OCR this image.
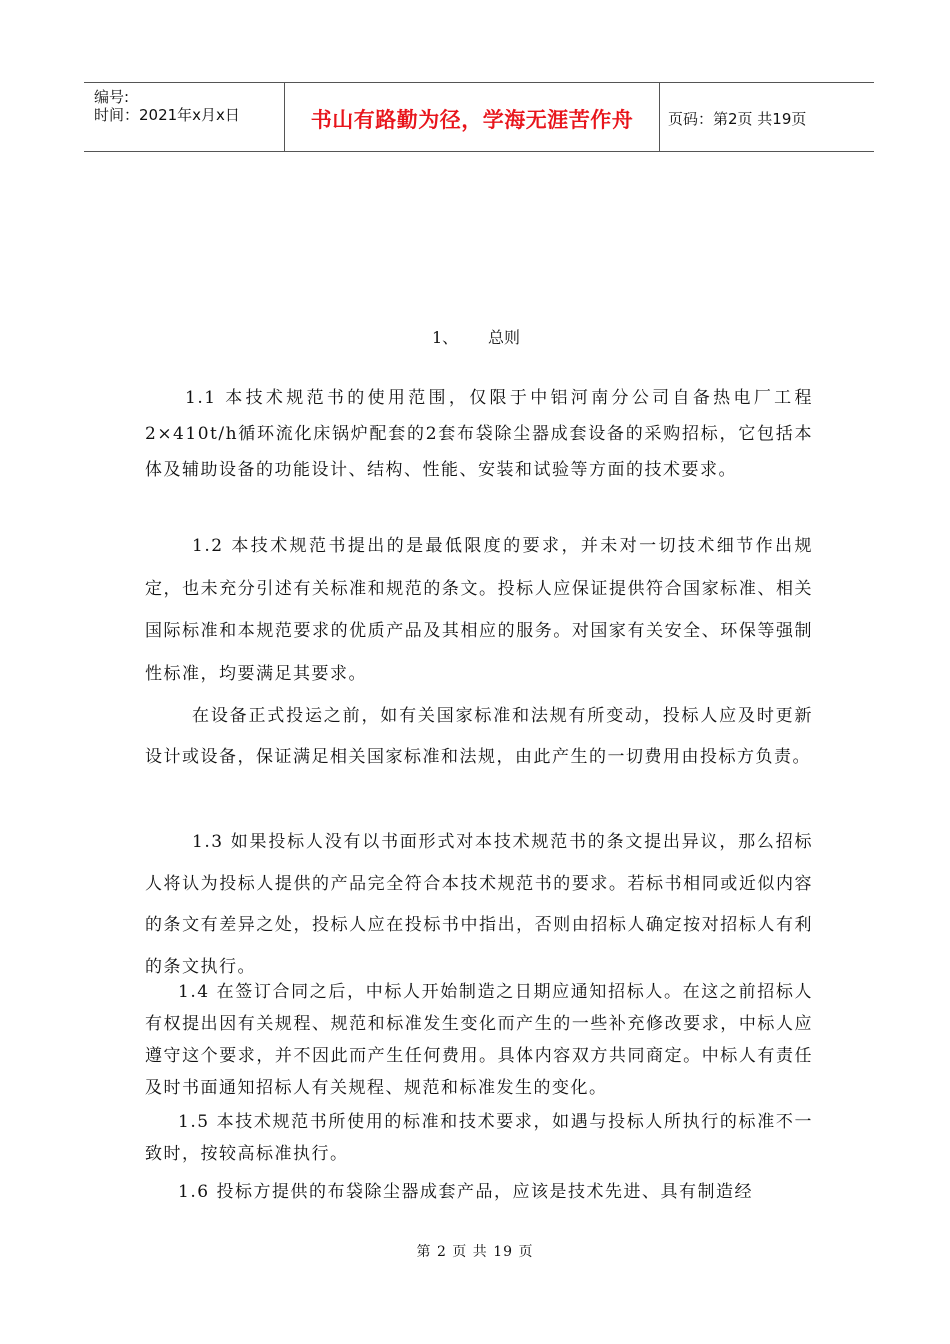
编号:
时间：2021年x月x日	书山有路勤为径，学海无涯苦作舟	页码：第2页 共19页
1、 总则

1.1 本技术规范书的使用范围，仅限于中铝河南分公司自备热电厂工程2×410t/h循环流化床锅炉配套的2套布袋除尘器成套设备的采购招标，它包括本体及辅助设备的功能设计、结构、性能、安装和试验等方面的技术要求。

1.2 本技术规范书提出的是最低限度的要求，并未对一切技术细节作出规定，也未充分引述有关标准和规范的条文。投标人应保证提供符合国家标准、相关国际标准和本规范要求的优质产品及其相应的服务。对国家有关安全、环保等强制性标准，均要满足其要求。

在设备正式投运之前，如有关国家标准和法规有所变动，投标人应及时更新设计或设备，保证满足相关国家标准和法规，由此产生的一切费用由投标方负责。

1.3 如果投标人没有以书面形式对本技术规范书的条文提出异议，那么招标人将认为投标人提供的产品完全符合本技术规范书的要求。若标书相同或近似内容的条文有差异之处，投标人应在投标书中指出，否则由招标人确定按对招标人有利的条文执行。

1.4 在签订合同之后，中标人开始制造之日期应通知招标人。在这之前招标人有权提出因有关规程、规范和标准发生变化而产生的一些补充修改要求，中标人应遵守这个要求，并不因此而产生任何费用。具体内容双方共同商定。中标人有责任及时书面通知招标人有关规程、规范和标准发生的变化。

1.5 本技术规范书所使用的标准和技术要求，如遇与投标人所执行的标准不一致时，按较高标准执行。

1.6 投标方提供的布袋除尘器成套产品，应该是技术先进、具有制造经

第 2 页 共 19 页
